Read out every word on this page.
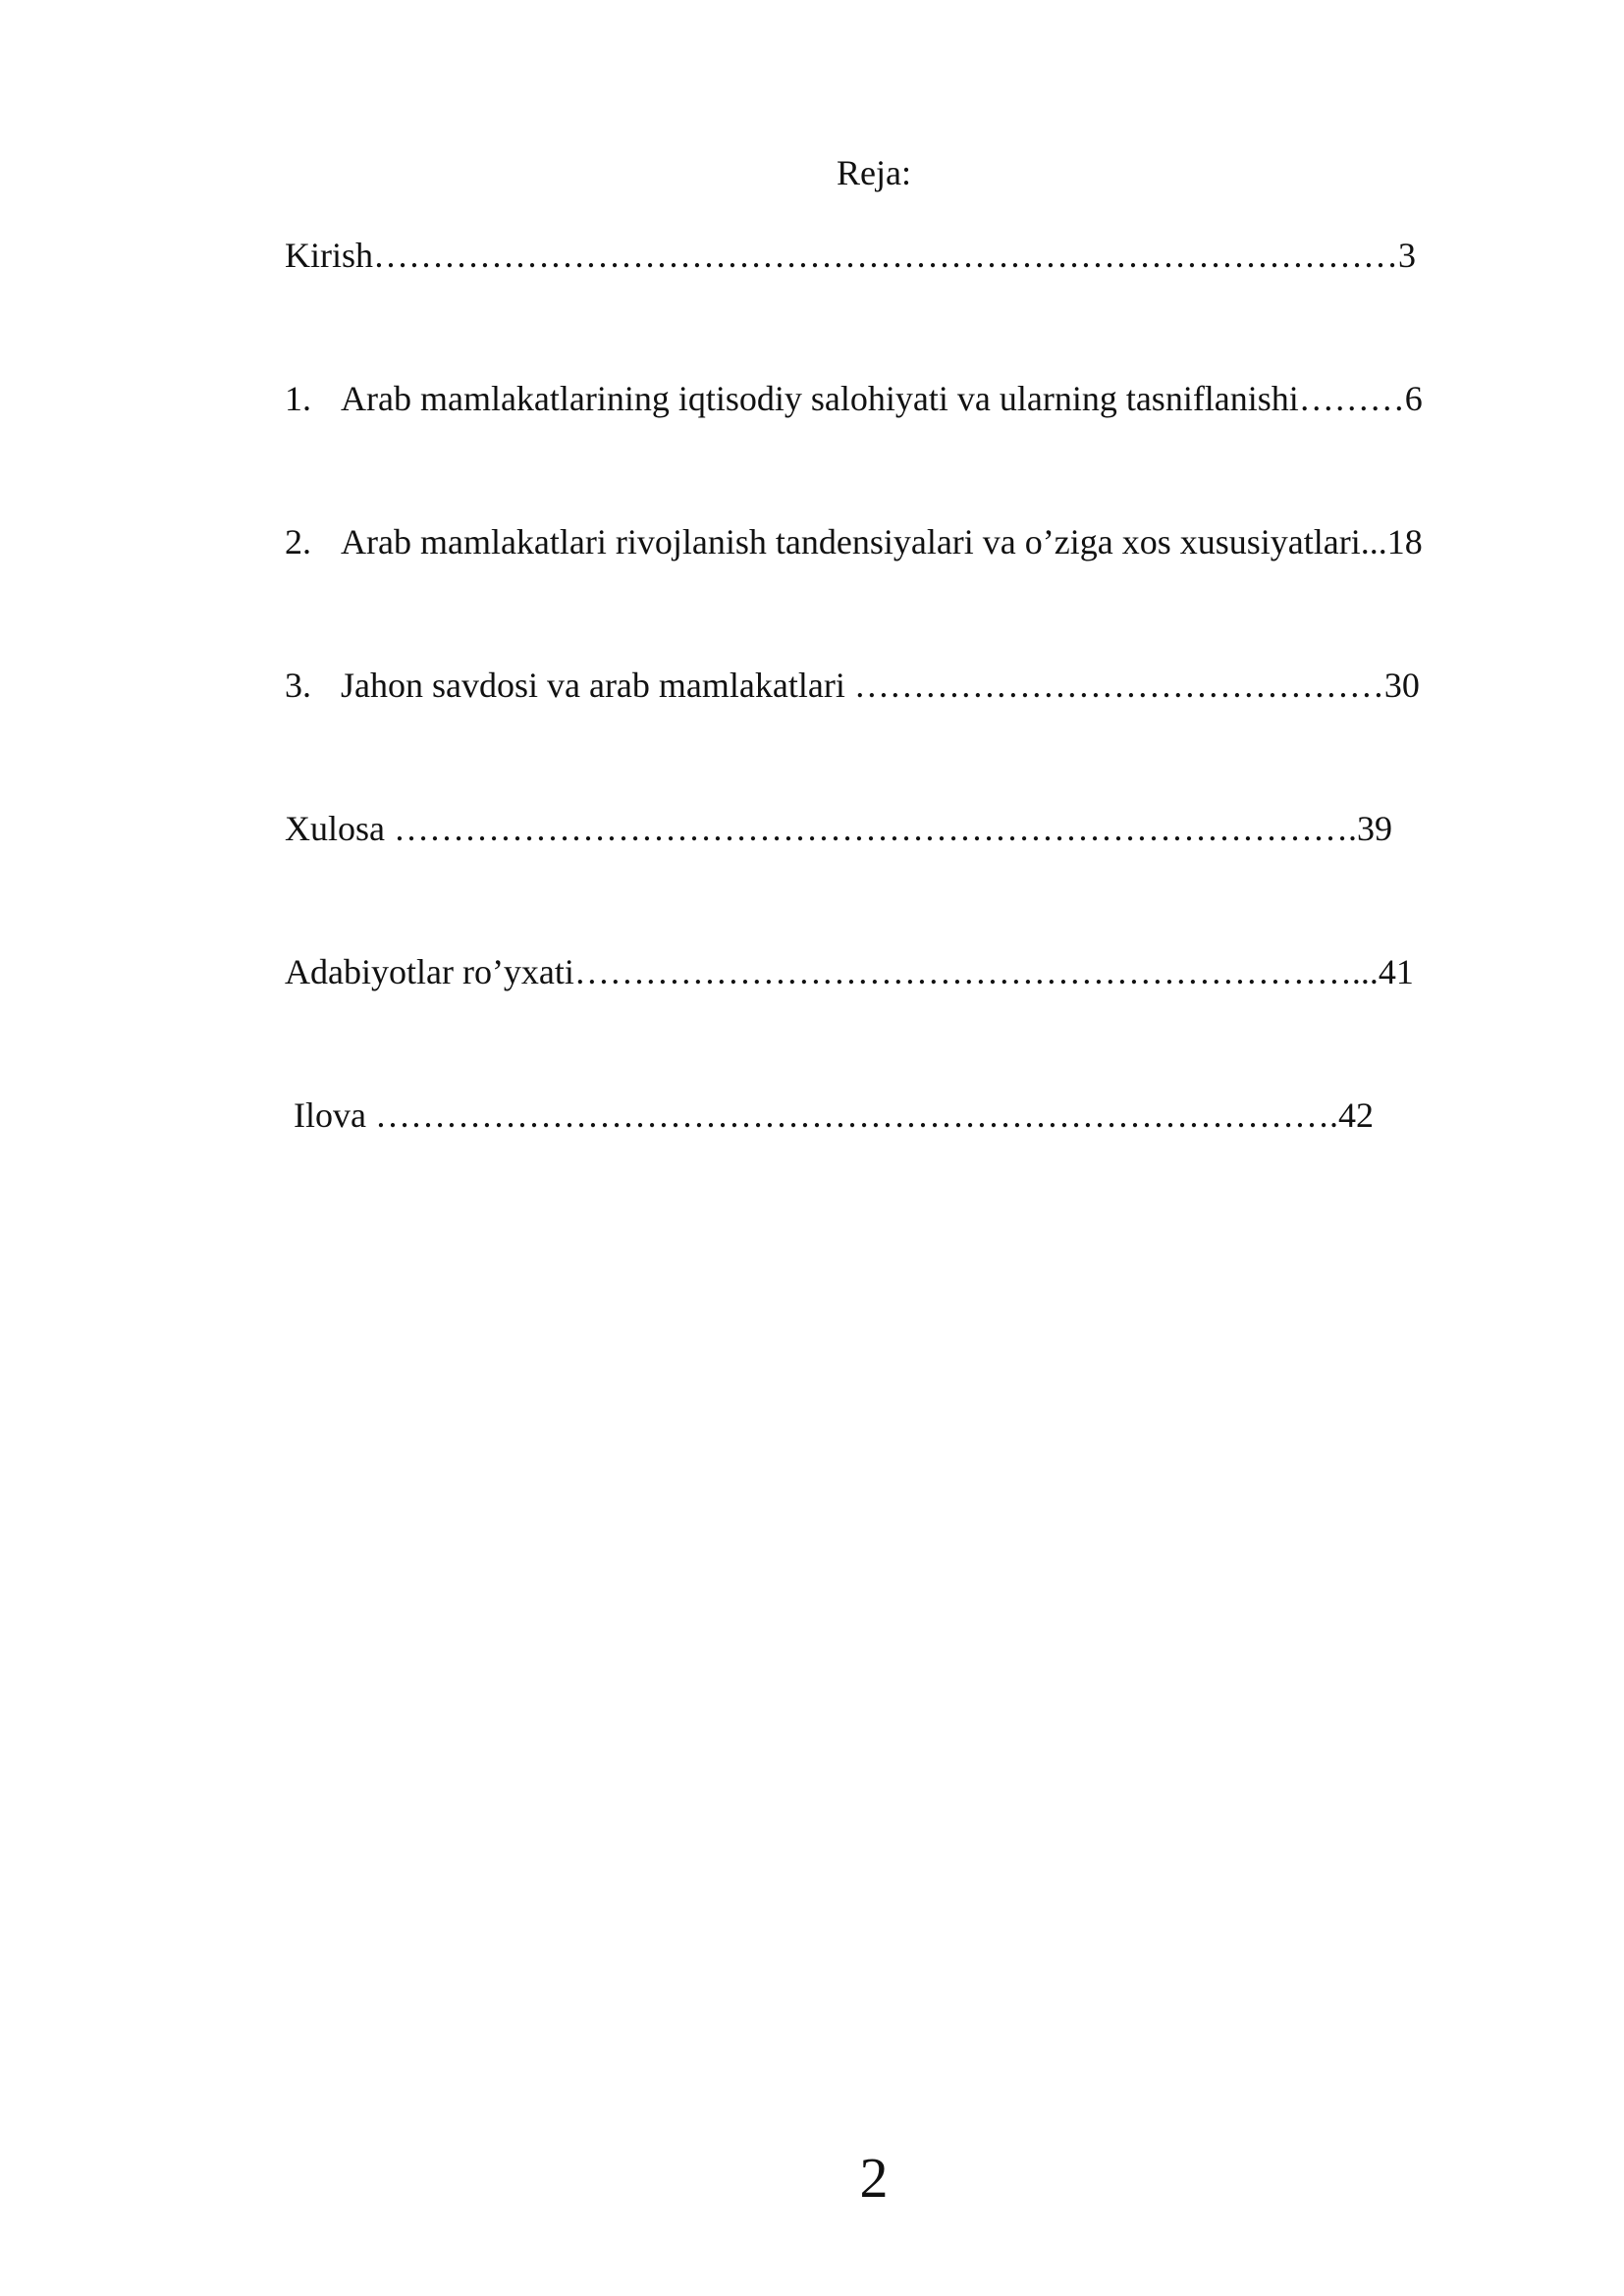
Reja:
Kirish……………………………………………………………………………3
1. Arab mamlakatlarining iqtisodiy salohiyati va ularning tasniflanishi………6
2. Arab mamlakatlari rivojlanish tandensiyalari va o’ziga xos xususiyatlari...18
3. Jahon savdosi va arab mamlakatlari ………………………………………30
Xulosa ……………………………………………………………………….39
Adabiyotlar ro’yxati…………………………………………………………...41
Ilova ……………………………………………………………………….42
2
